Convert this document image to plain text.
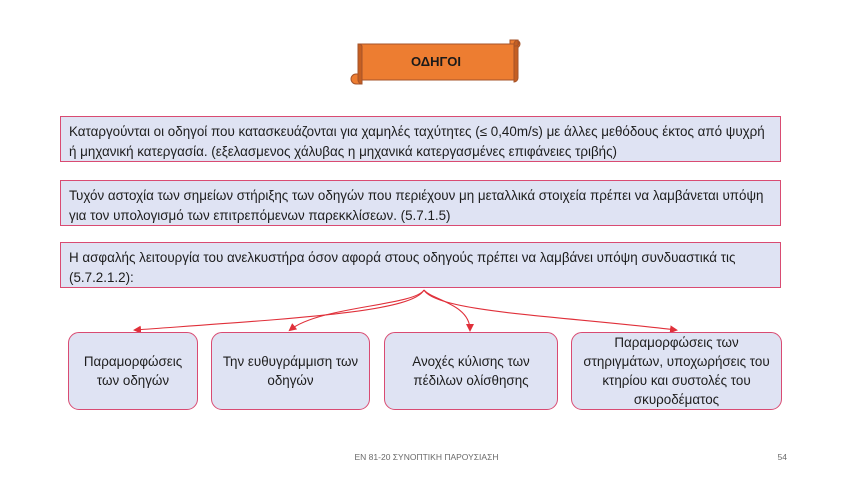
ΟΔΗΓΟΙ
Καταργούνται οι οδηγοί που κατασκευάζονται για χαμηλές ταχύτητες (≤ 0,40m/s) με άλλες μεθόδους έκτος από ψυχρή ή μηχανική κατεργασία. (εξελασμενος χάλυβας η μηχανικά κατεργασμένες επιφάνειες τριβής)
Τυχόν αστοχία των σημείων στήριξης των οδηγών που περιέχουν μη μεταλλικά στοιχεία πρέπει να λαμβάνεται υπόψη για τον υπολογισμό των επιτρεπόμενων παρεκκλίσεων. (5.7.1.5)
Η ασφαλής λειτουργία του ανελκυστήρα όσον αφορά στους οδηγούς πρέπει να λαμβάνει υπόψη συνδυαστικά τις (5.7.2.1.2):
Παραμορφώσεις των οδηγών
Την ευθυγράμμιση των οδηγών
Ανοχές κύλισης των πέδιλων ολίσθησης
Παραμορφώσεις των στηριγμάτων, υποχωρήσεις του κτηρίου και συστολές του σκυροδέματος
ΕΝ 81-20 ΣΥΝΟΠΤΙΚΗ ΠΑΡΟΥΣΙΑΣΗ	54
